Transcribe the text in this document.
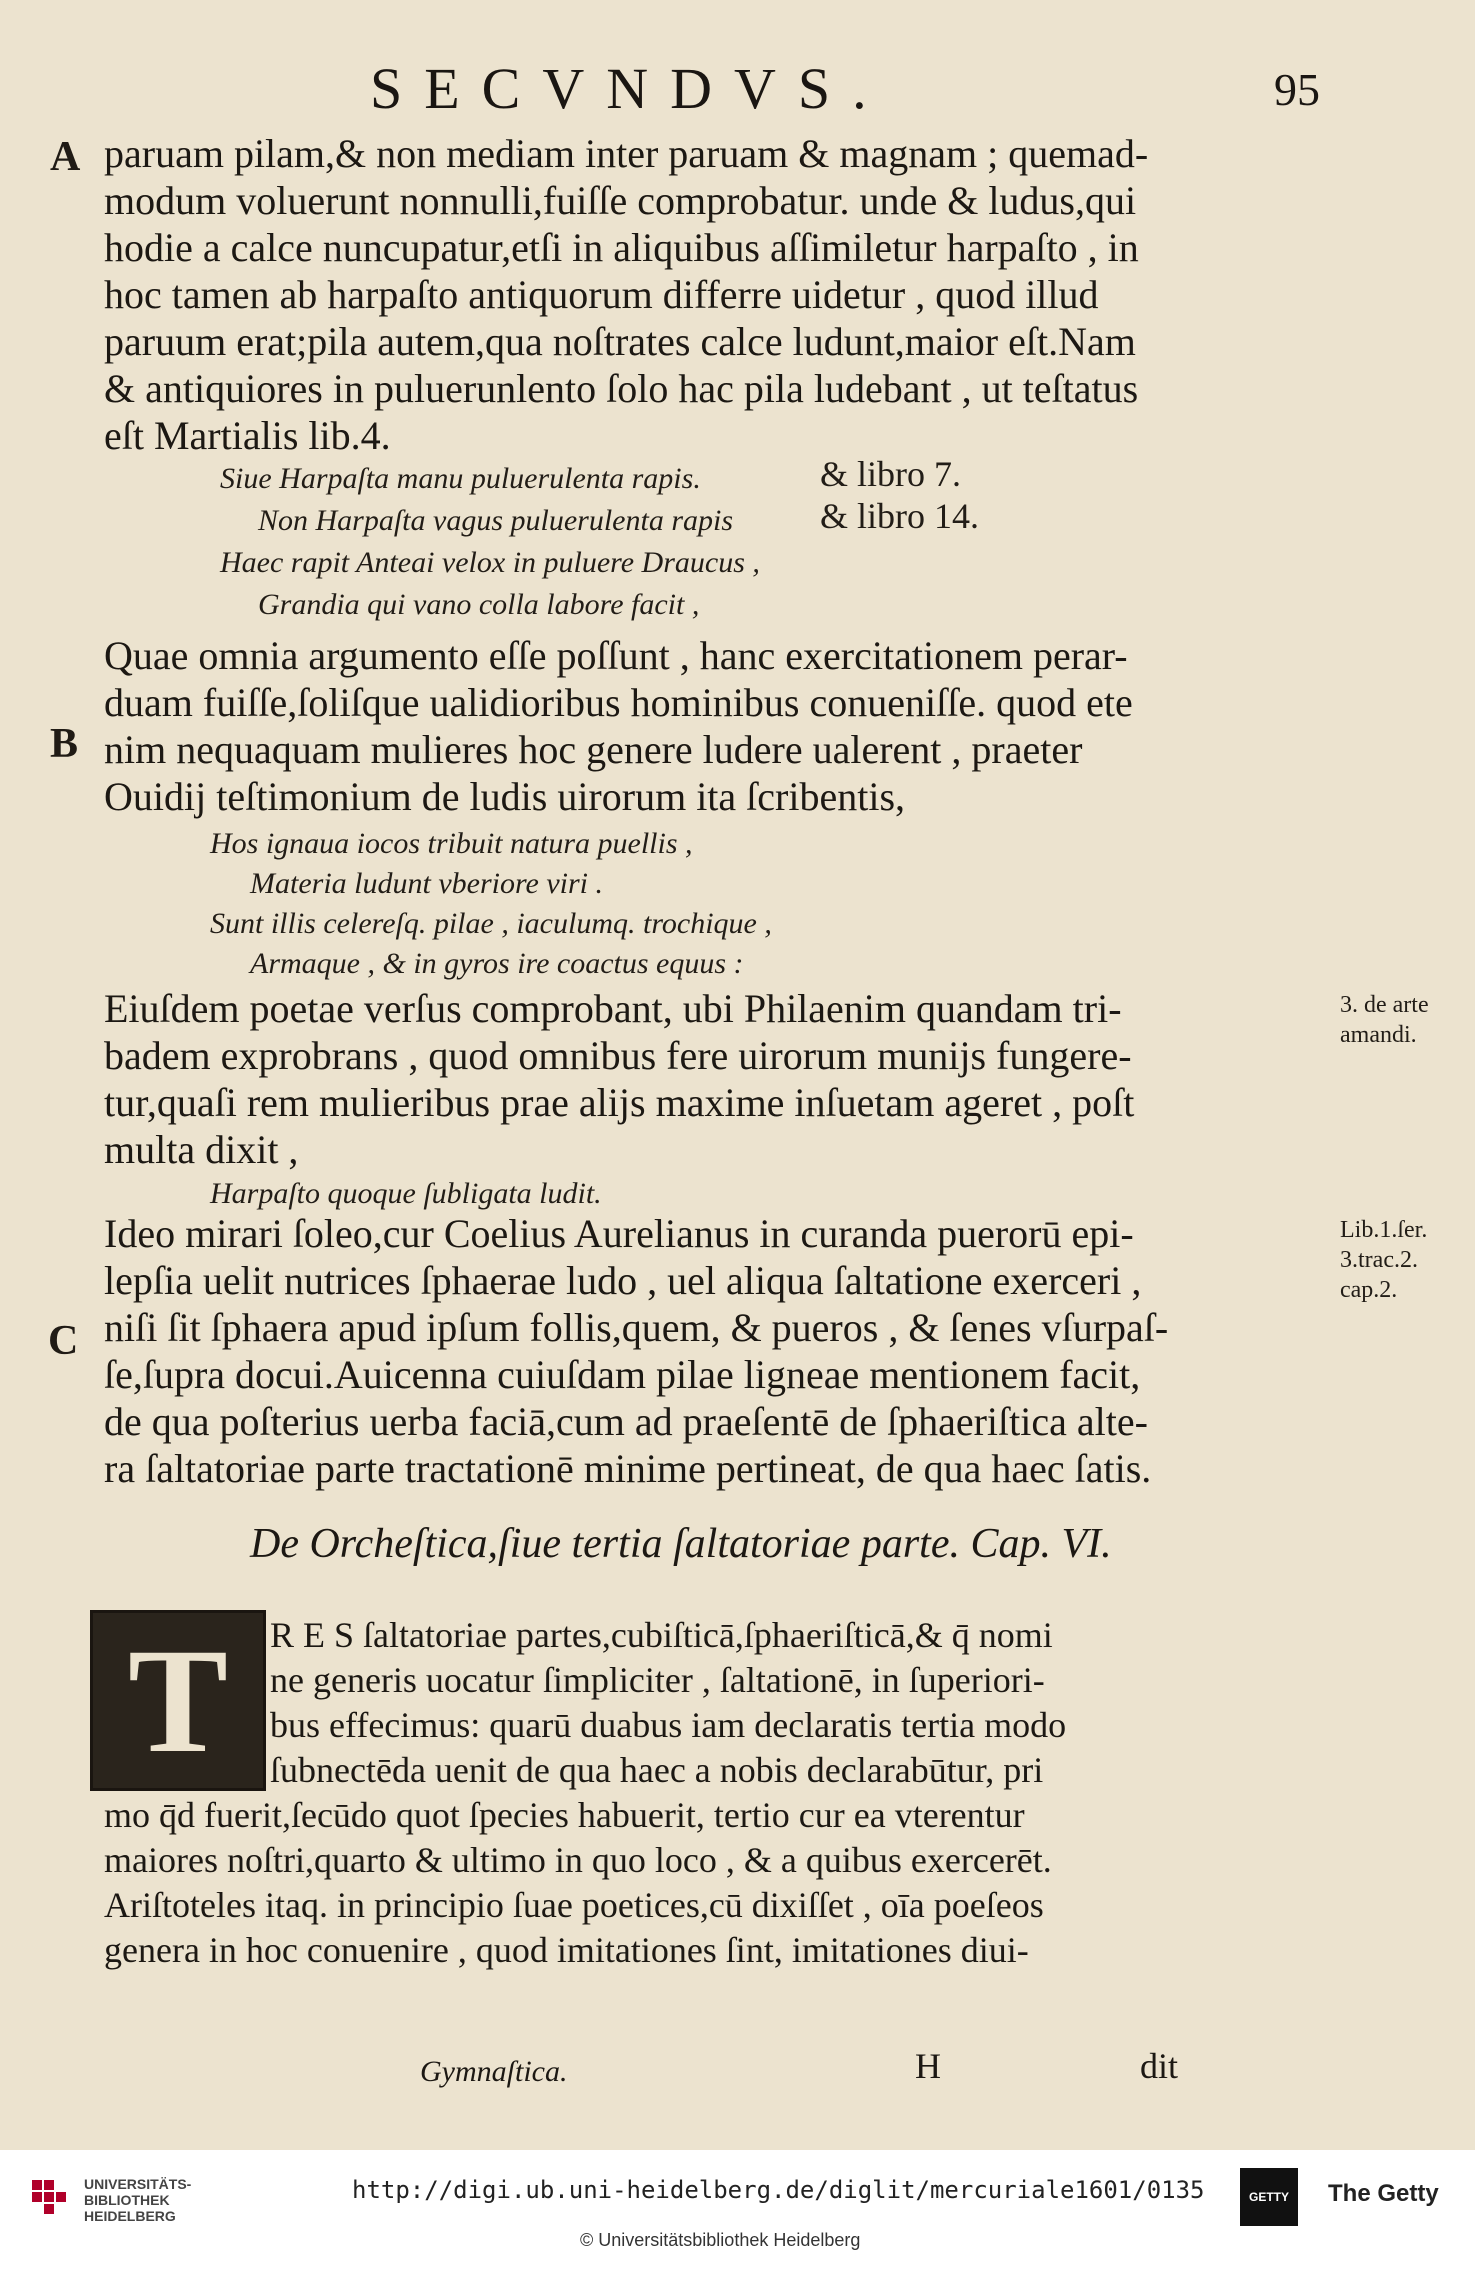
SECVNDVS.	95
A
B
C
paruam pilam,& non mediam inter paruam & magnam ; quemad-
modum voluerunt nonnulli,fuiſſe comprobatur. unde & ludus,qui
hodie a calce nuncupatur,etſi in aliquibus aſſimiletur harpaſto , in
hoc tamen ab harpaſto antiquorum differre uidetur , quod illud
paruum erat;pila autem,qua noſtrates calce ludunt,maior eſt.Nam
& antiquiores in puluerunlento ſolo hac pila ludebant , ut teſtatus
eſt Martialis lib.4.
Siue Harpaſta manu puluerulenta rapis.	& libro 7.
Non Harpaſta vagus puluerulenta rapis & libro 14.
Haec rapit Anteai velox in puluere Draucus ,
Grandia qui vano colla labore facit ,
Quae omnia argumento eſſe poſſunt , hanc exercitationem perar-
duam fuiſſe,ſoliſque ualidioribus hominibus conueniſſe. quod ete
nim nequaquam mulieres hoc genere ludere ualerent , praeter
Ouidij teſtimonium de ludis uirorum ita ſcribentis,
Hos ignaua iocos tribuit natura puellis ,
Materia ludunt vberiore viri .
Sunt illis celereſq. pilae , iaculumq. trochique ,
Armaque , & in gyros ire coactus equus :
Eiuſdem poetae verſus comprobant, ubi Philaenim quandam tri-
badem exprobrans , quod omnibus fere uirorum munijs fungere-
tur,quaſi rem mulieribus prae alijs maxime inſuetam ageret , poſt
multa dixit ,
Harpaſto quoque ſubligata ludit.
Ideo mirari ſoleo,cur Coelius Aurelianus in curanda puerorū epi-
lepſia uelit nutrices ſphaerae ludo , uel aliqua ſaltatione exerceri ,
niſi ſit ſphaera apud ipſum follis,quem, & pueros , & ſenes vſurpaſ-
ſe,ſupra docui.Auicenna cuiuſdam pilae ligneae mentionem facit,
de qua poſterius uerba faciā,cum ad praeſentē de ſphaeriſtica alte-
ra ſaltatoriae parte tractationē minime pertineat, de qua haec ſatis.
3. de arte amandi.
Lib.1.ſer. 3.trac.2. cap.2.
De Orcheſtica,ſiue tertia ſaltatoriae parte. Cap. VI.
T	R E S ſaltatoriae partes,cubiſticā,ſphaeriſticā,& q̄ nomi
ne generis uocatur ſimpliciter , ſaltationē, in ſuperiori-
bus effecimus: quarū duabus iam declaratis tertia modo
ſubnectēda uenit de qua haec a nobis declarabūtur, pri
mo q̄d fuerit,ſecūdo quot ſpecies habuerit, tertio cur ea vterentur
maiores noſtri,quarto & ultimo in quo loco , & a quibus exercerēt.
Ariſtoteles itaq. in principio ſuae poetices,cū dixiſſet , oīa poeſeos
genera in hoc conuenire , quod imitationes ſint, imitationes diui-
Gymnaſtica.	H	dit
UNIVERSITÄTS-
BIBLIOTHEK
HEIDELBERG
http://digi.ub.uni-heidelberg.de/diglit/mercuriale1601/0135
© Universitätsbibliothek Heidelberg
GETTY The Getty
